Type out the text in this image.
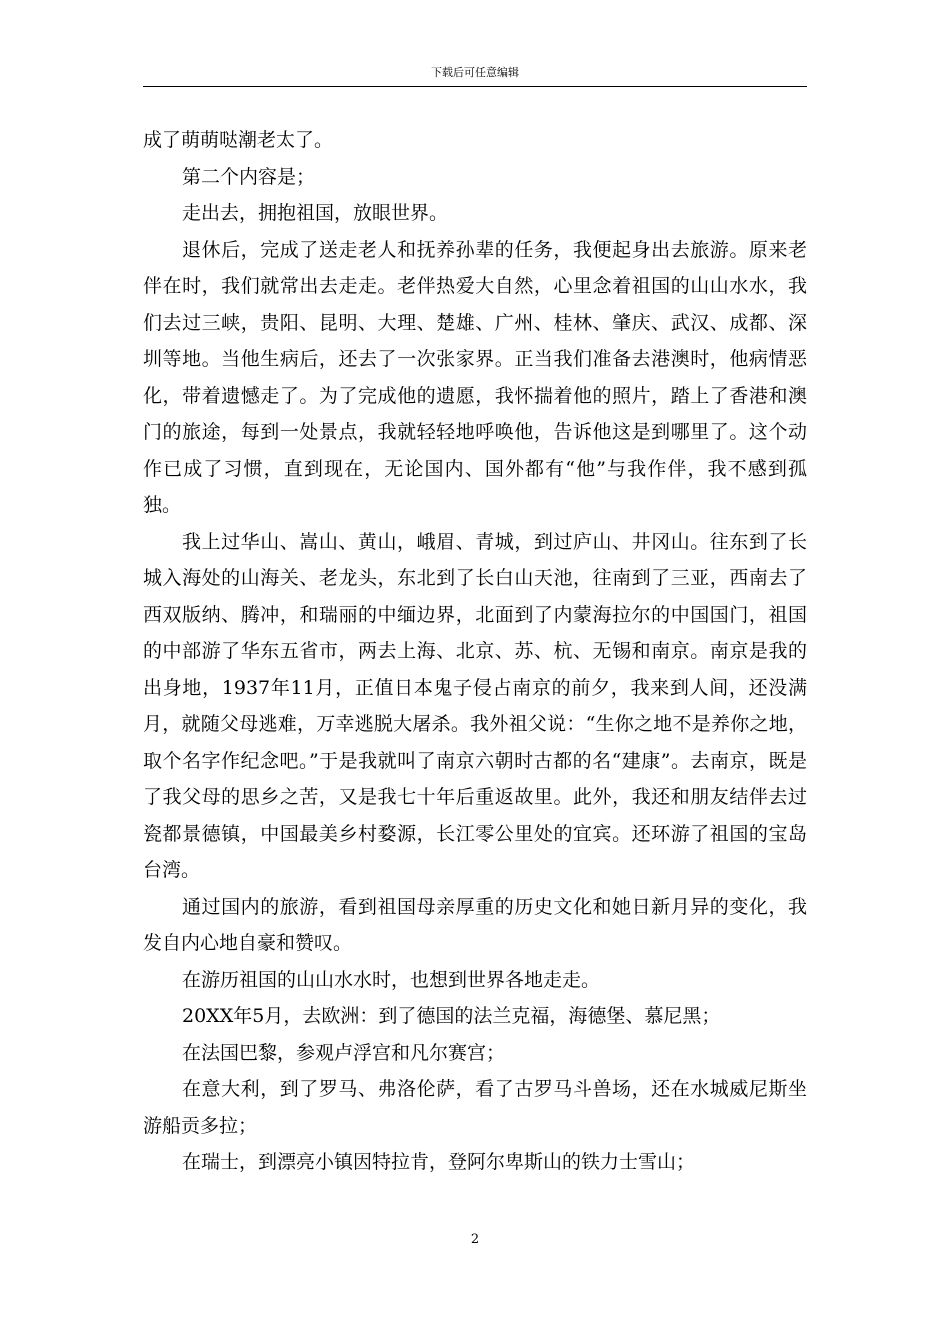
下载后可任意编辑

成了萌萌哒潮老太了。

第二个内容是；

走出去，拥抱祖国，放眼世界。

退休后，完成了送走老人和抚养孙辈的任务，我便起身出去旅游。原来老伴在时，我们就常出去走走。老伴热爱大自然，心里念着祖国的山山水水，我们去过三峡，贵阳、昆明、大理、楚雄、广州、桂林、肇庆、武汉、成都、深圳等地。当他生病后，还去了一次张家界。正当我们准备去港澳时，他病情恶化，带着遗憾走了。为了完成他的遗愿，我怀揣着他的照片，踏上了香港和澳门的旅途，每到一处景点，我就轻轻地呼唤他，告诉他这是到哪里了。这个动作已成了习惯，直到现在，无论国内、国外都有“他”与我作伴，我不感到孤独。

我上过华山、嵩山、黄山，峨眉、青城，到过庐山、井冈山。往东到了长城入海处的山海关、老龙头，东北到了长白山天池，往南到了三亚，西南去了西双版纳、腾冲，和瑞丽的中缅边界，北面到了内蒙海拉尔的中国国门，祖国的中部游了华东五省市，两去上海、北京、苏、杭、无锡和南京。南京是我的出身地，1937年11月，正值日本鬼子侵占南京的前夕，我来到人间，还没满月，就随父母逃难，万幸逃脱大屠杀。我外祖父说：“生你之地不是养你之地，取个名字作纪念吧。”于是我就叫了南京六朝时古都的名“建康”。去南京，既是了我父母的思乡之苦，又是我七十年后重返故里。此外，我还和朋友结伴去过瓷都景德镇，中国最美乡村婺源，长江零公里处的宜宾。还环游了祖国的宝岛台湾。

通过国内的旅游，看到祖国母亲厚重的历史文化和她日新月异的变化，我发自内心地自豪和赞叹。

在游历祖国的山山水水时，也想到世界各地走走。

20XX年5月，去欧洲：到了德国的法兰克福，海德堡、慕尼黑；

在法国巴黎，参观卢浮宫和凡尔赛宫；

在意大利，到了罗马、弗洛伦萨，看了古罗马斗兽场，还在水城威尼斯坐游船贡多拉；

在瑞士，到漂亮小镇因特拉肯，登阿尔卑斯山的铁力士雪山；

2
